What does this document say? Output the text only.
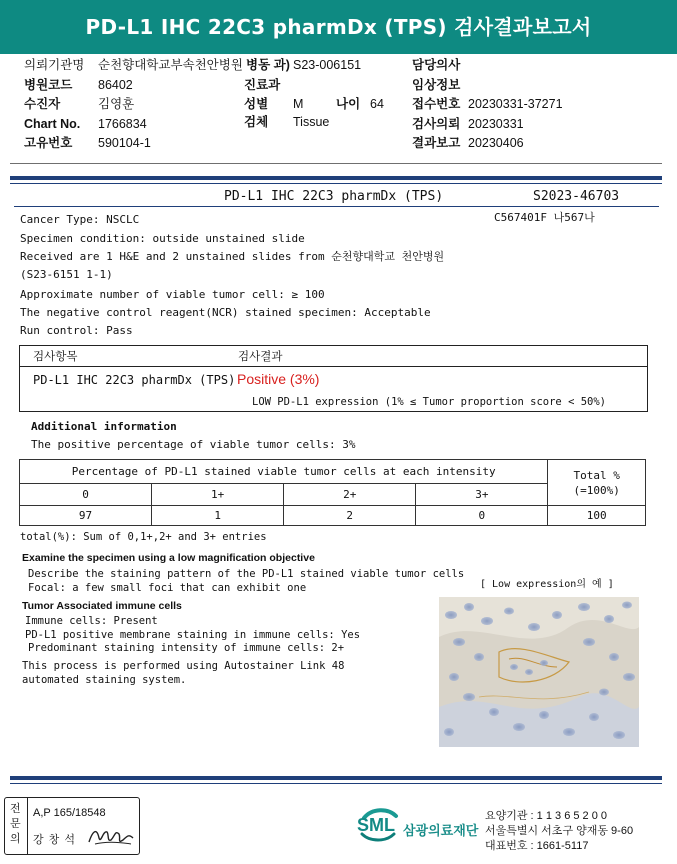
PD-L1 IHC 22C3 pharmDx (TPS) 검사결과보고서
의뢰기관명 순천향대학교부속천안병원 병동 과) S23-006151	담당의사
병원코드 86402	진료과	임상정보
수진자	김영훈	성별 M	나이 64 접수번호 20230331-37271
Chart No. 1766834	검체 Tissue	검사의뢰 20230331
고유번호 590104-1	결과보고 20230406
PD-L1 IHC 22C3 pharmDx (TPS)	S2023-46703
Cancer Type: NSCLC	C567401F 나567나
Specimen condition: outside unstained slide
Received are 1 H&E and 2 unstained slides from 순천향대학교 천안병원
(S23-6151 1-1)
Approximate number of viable tumor cell: ≥ 100
The negative control reagent(NCR) stained specimen: Acceptable
Run control: Pass
검사항목	검사결과
PD-L1 IHC 22C3 pharmDx (TPS) Positive (3%)
LOW PD-L1 expression (1% ≤ Tumor proportion score < 50%)
Additional information
The positive percentage of viable tumor cells: 3%
Percentage of PD-L1 stained viable tumor cells at each intensity				Total %
(=100%)

0	1+	2+	3+	
97	1	2	0	100
total(%): Sum of 0,1+,2+ and 3+ entries
Examine the specimen using a low magnification objective
Describe the staining pattern of the PD-L1 stained viable tumor cells
Focal: a few small foci that can exhibit one	[ Low expression의 예 ]
Tumor Associated immune cells
Immune cells: Present
PD-L1 positive membrane staining in immune cells: Yes
Predominant staining intensity of immune cells: 2+
This process is performed using Autostainer Link 48
automated staining system.
전문의
A,P 165/18548
강 창 석
SML 삼광의료재단
요양기관 : 1 1 3 6 5 2 0 0
서울특별시 서초구 양재동 9-60
대표번호 : 1661-5117
